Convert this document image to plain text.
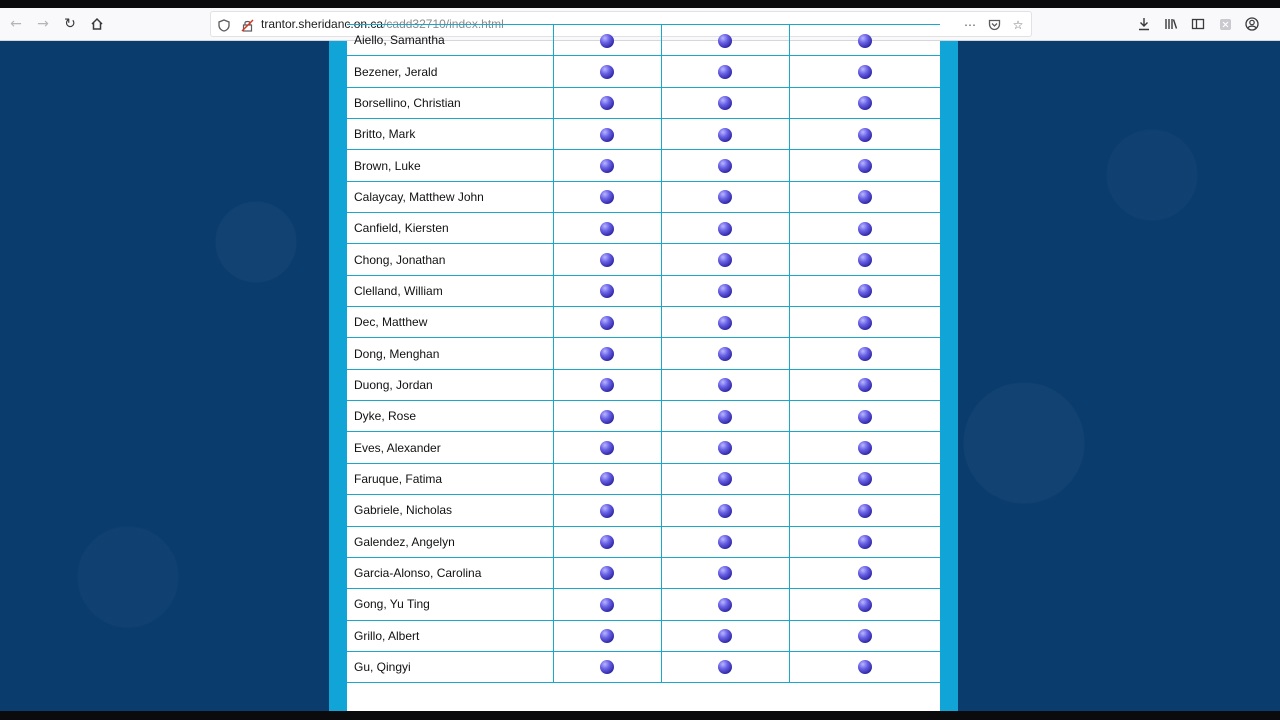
←	→	↻	trantor.sheridanc.on.ca/cadd32710/index.html	⋯	☆
Aiello, Samantha			
Bezener, Jerald			
Borsellino, Christian			
Britto, Mark			
Brown, Luke			
Calaycay, Matthew John			
Canfield, Kiersten			
Chong, Jonathan			
Clelland, William			
Dec, Matthew			
Dong, Menghan			
Duong, Jordan			
Dyke, Rose			
Eves, Alexander			
Faruque, Fatima			
Gabriele, Nicholas			
Galendez, Angelyn			
Garcia-Alonso, Carolina			
Gong, Yu Ting			
Grillo, Albert			
Gu, Qingyi			
